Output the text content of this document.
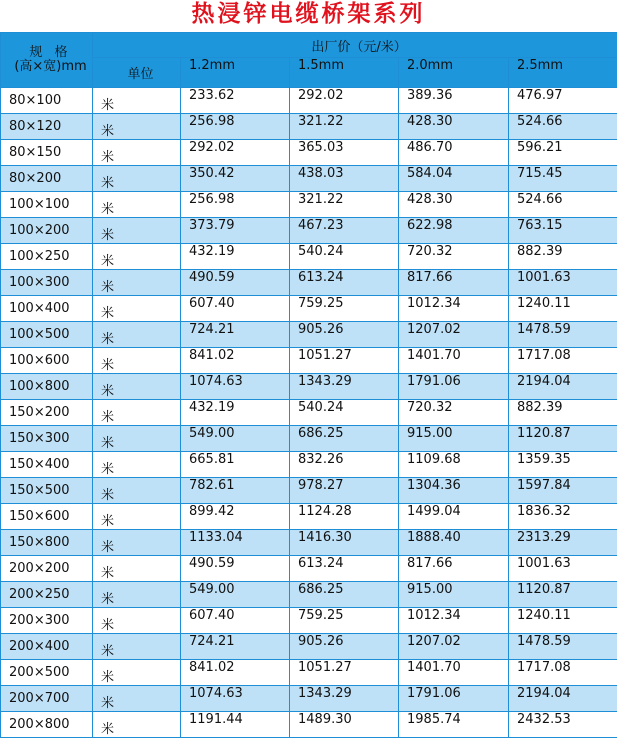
热浸锌电缆桥架系列
规 格
(高×宽)mm	出厂价（元/米）				
	单位	1.2mm	1.5mm	2.0mm	2.5mm
80×100	米	233.62	292.02	389.36	476.97
80×120	米	256.98	321.22	428.30	524.66
80×150	米	292.02	365.03	486.70	596.21
80×200	米	350.42	438.03	584.04	715.45
100×100	米	256.98	321.22	428.30	524.66
100×200	米	373.79	467.23	622.98	763.15
100×250	米	432.19	540.24	720.32	882.39
100×300	米	490.59	613.24	817.66	1001.63
100×400	米	607.40	759.25	1012.34	1240.11
100×500	米	724.21	905.26	1207.02	1478.59
100×600	米	841.02	1051.27	1401.70	1717.08
100×800	米	1074.63	1343.29	1791.06	2194.04
150×200	米	432.19	540.24	720.32	882.39
150×300	米	549.00	686.25	915.00	1120.87
150×400	米	665.81	832.26	1109.68	1359.35
150×500	米	782.61	978.27	1304.36	1597.84
150×600	米	899.42	1124.28	1499.04	1836.32
150×800	米	1133.04	1416.30	1888.40	2313.29
200×200	米	490.59	613.24	817.66	1001.63
200×250	米	549.00	686.25	915.00	1120.87
200×300	米	607.40	759.25	1012.34	1240.11
200×400	米	724.21	905.26	1207.02	1478.59
200×500	米	841.02	1051.27	1401.70	1717.08
200×700	米	1074.63	1343.29	1791.06	2194.04
200×800	米	1191.44	1489.30	1985.74	2432.53
